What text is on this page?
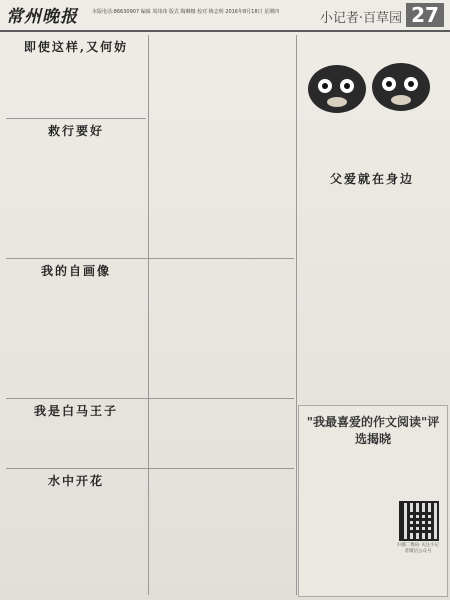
常州晚报	本版电话:86630907 编辑 周玮玮 版式 陶琳娜 校对 梅志明 2016年8月18日 星期四	小记者·百草园 27
即使这样,又何妨
救行要好
我的自画像
我是白马王子
水中开花
父爱就在身边
"我最喜爱的作文阅读"评选揭晓
扫描二维码 关注小记者微信公众号
